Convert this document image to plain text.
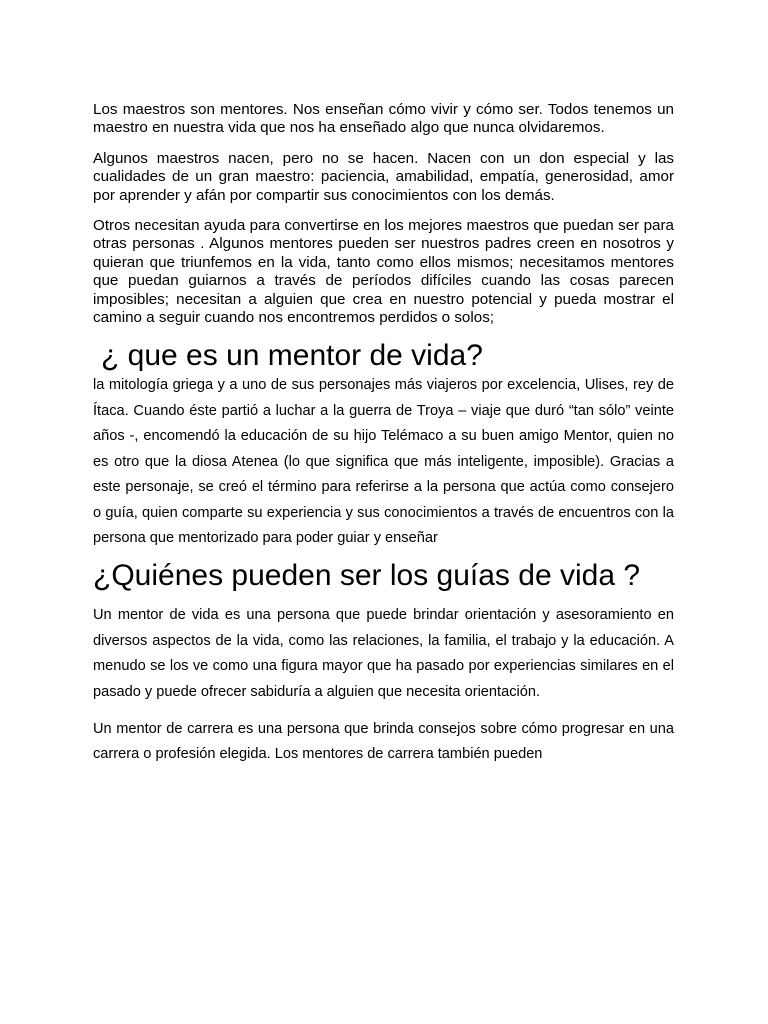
Los maestros son mentores. Nos enseñan cómo vivir y cómo ser. Todos tenemos un maestro en nuestra vida que nos ha enseñado algo que nunca olvidaremos.

Algunos maestros nacen, pero no se hacen. Nacen con un don especial y las cualidades de un gran maestro: paciencia, amabilidad, empatía, generosidad, amor por aprender y afán por compartir sus conocimientos con los demás.

Otros necesitan ayuda para convertirse en los mejores maestros que puedan ser para otras personas . Algunos mentores pueden ser nuestros padres creen en nosotros y quieran que triunfemos en la vida, tanto como ellos mismos; necesitamos mentores que puedan guiarnos a través de períodos difíciles cuando las cosas parecen imposibles; necesitan a alguien que crea en nuestro potencial y pueda mostrar el camino a seguir cuando nos encontremos perdidos o solos;

¿ que es un mentor de vida?

la mitología griega y a uno de sus personajes más viajeros por excelencia, Ulises, rey de Ítaca. Cuando éste partió a luchar a la guerra de Troya – viaje que duró “tan sólo” veinte años -, encomendó la educación de su hijo Telémaco a su buen amigo Mentor, quien no es otro que la diosa Atenea (lo que significa que más inteligente, imposible). Gracias a este personaje, se creó el término para referirse a la persona que actúa como consejero o guía, quien comparte su experiencia y sus conocimientos a través de encuentros con la persona que mentorizado para poder guiar y enseñar

¿Quiénes pueden ser los guías de vida ?

Un mentor de vida es una persona que puede brindar orientación y asesoramiento en diversos aspectos de la vida, como las relaciones, la familia, el trabajo y la educación. A menudo se los ve como una figura mayor que ha pasado por experiencias similares en el pasado y puede ofrecer sabiduría a alguien que necesita orientación.

Un mentor de carrera es una persona que brinda consejos sobre cómo progresar en una carrera o profesión elegida. Los mentores de carrera también pueden
